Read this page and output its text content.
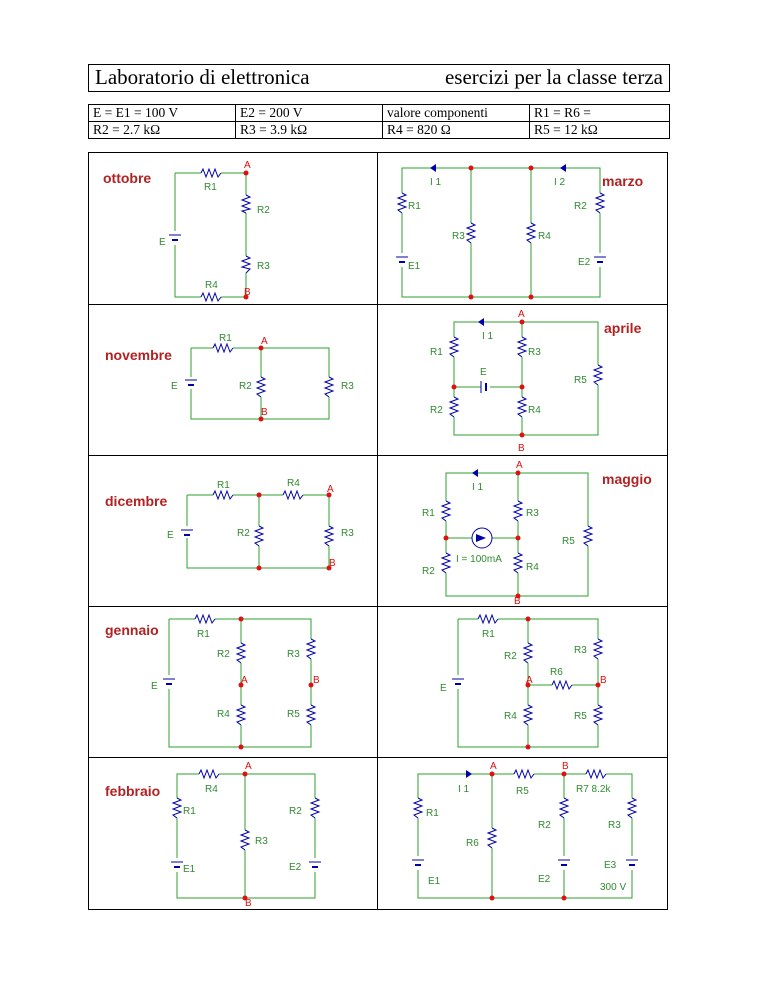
Laboratorio di elettronica	esercizi per la classe terza
E = E1 = 100 V	E2 = 200 V	valore componenti	R1 = R6 =
R2 = 2.7 kΩ	R3 = 3.9 kΩ	R4 = 820 Ω	R5 = 12 kΩ
ottobre
A
R1
R2
E
R3
R4
B
marzo
I 1	I 2
R1	R2
R3	R4
E1	E2
novembre
R1	A
E	R2	R3
B
aprile
A
I 1
R1	R3
E
R5
R2	R4
B
dicembre
R1	R4
A
E	R2	R3
B
maggio
A
I 1
R1	R3
R5
I = 100mA
R2	R4
B
gennaio	R1
R2	R3
A	B
E
R4	R5
R1
R2
R3
R6
A	B
E
R4	R5
febbraio
A
R4
R1	R2
R3
E1	E2
B
A	B
I 1	R5	R7 8.2k
R1
R2	R3
R6
E3
300 V
E1	E2
